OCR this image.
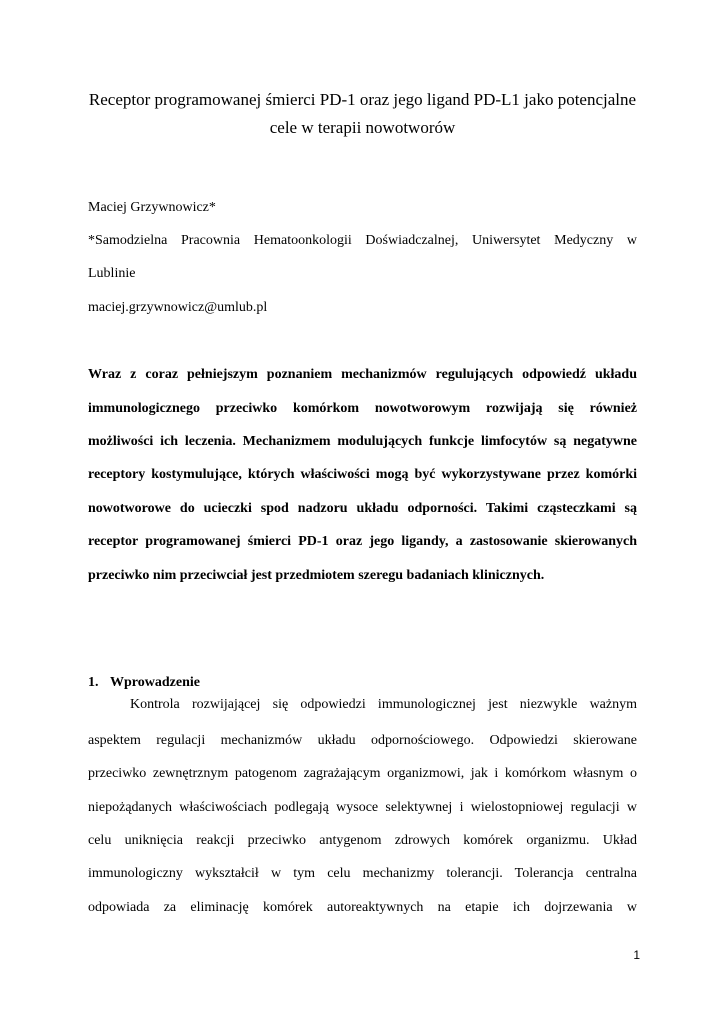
Receptor programowanej śmierci PD-1 oraz jego ligand PD-L1 jako potencjalne
cele w terapii nowotworów
Maciej Grzywnowicz*
*Samodzielna Pracownia Hematoonkologii Doświadczalnej, Uniwersytet Medyczny w
Lublinie
maciej.grzywnowicz@umlub.pl
Wraz z coraz pełniejszym poznaniem mechanizmów regulujących odpowiedź układu
immunologicznego przeciwko komórkom nowotworowym rozwijają się również
możliwości ich leczenia. Mechanizmem modulujących funkcje limfocytów są negatywne
receptory kostymulujące, których właściwości mogą być wykorzystywane przez komórki
nowotworowe do ucieczki spod nadzoru układu odporności. Takimi cząsteczkami są
receptor programowanej śmierci PD-1 oraz jego ligandy, a zastosowanie skierowanych
przeciwko nim przeciwciał jest przedmiotem szeregu badaniach klinicznych.
1. Wprowadzenie
Kontrola rozwijającej się odpowiedzi immunologicznej jest niezwykle ważnym
aspektem regulacji mechanizmów układu odpornościowego. Odpowiedzi skierowane
przeciwko zewnętrznym patogenom zagrażającym organizmowi, jak i komórkom własnym o
niepożądanych właściwościach podlegają wysoce selektywnej i wielostopniowej regulacji w
celu uniknięcia reakcji przeciwko antygenom zdrowych komórek organizmu. Układ
immunologiczny wykształcił w tym celu mechanizmy tolerancji. Tolerancja centralna
odpowiada za eliminację komórek autoreaktywnych na etapie ich dojrzewania w
1
